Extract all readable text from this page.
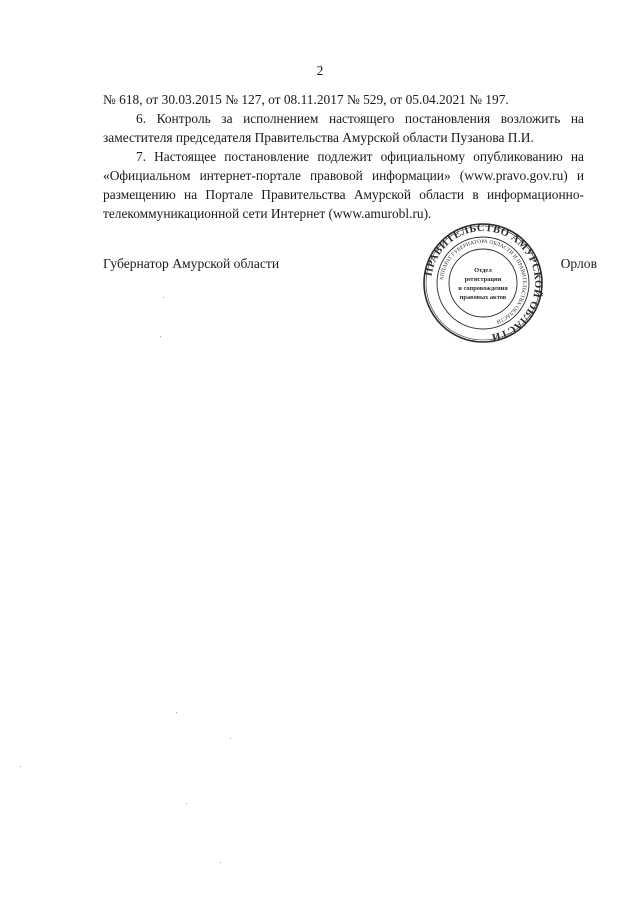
2

№ 618, от 30.03.2015 № 127, от 08.11.2017 № 529, от 05.04.2021 № 197.

6. Контроль за исполнением настоящего постановления возложить на заместителя председателя Правительства Амурской области Пузанова П.И.

7. Настоящее постановление подлежит официальному опубликованию на «Официальном интернет-портале правовой информации» (www.pravo.gov.ru) и размещению на Портале Правительства Амурской области в информационно-телекоммуникационной сети Интернет (www.amurobl.ru).

Губернатор Амурской области	Орлов
ПРАВИТЕЛЬСТВО АМУРСКОЙ ОБЛАСТИ
АППАРАТ ГУБЕРНАТОРА ОБЛАСТИ И ПРАВИТЕЛЬСТВА ОБЛАСТИ
Отдел
регистрации
и сопровождения
правовых актов
